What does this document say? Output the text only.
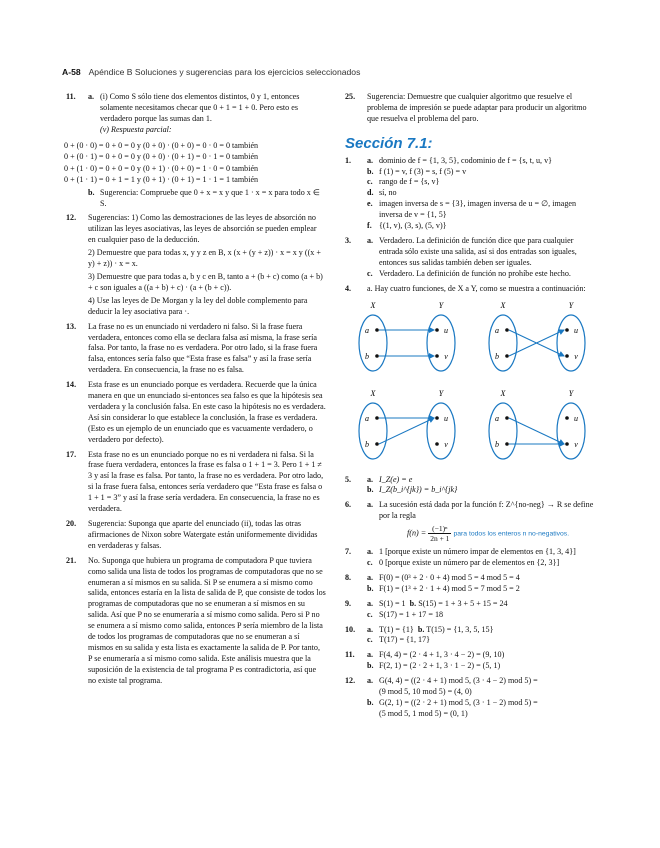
A-58 Apéndice B Soluciones y sugerencias para los ejercicios seleccionados
11. a. (i) Como S sólo tiene dos elementos distintos, 0 y 1, entonces solamente necesitamos checar que 0 + 1 = 1 + 0. Pero esto es verdadero porque las sumas dan 1.
(v) Respuesta parcial:
0 + (0 · 0) = 0 + 0 = 0 y (0 + 0) · (0 + 0) = 0 · 0 = 0 también
0 + (0 · 1) = 0 + 0 = 0 y (0 + 0) · (0 + 1) = 0 · 1 = 0 también
0 + (1 · 0) = 0 + 0 = 0 y (0 + 1) · (0 + 0) = 1 · 0 = 0 también
0 + (1 · 1) = 0 + 1 = 1 y (0 + 1) · (0 + 1) = 1 · 1 = 1 también
b. Sugerencia: Compruebe que 0 + x = x y que 1 · x = x para todo x ∈ S.
12. Sugerencias: 1) Como las demostraciones de las leyes de absorción no utilizan las leyes asociativas, las leyes de absorción se pueden emplear en cualquier paso de la deducción.

2) Demuestre que para todas x, y y z en B, x (x + (y + z)) · x = x y ((x + y) + z)) · x = x.

3) Demuestre que para todas a, b y c en B, tanto a + (b + c) como (a + b) + c son iguales a ((a + b) + c) · (a + (b + c)).

4) Use las leyes de De Morgan y la ley del doble complemento para deducir la ley asociativa para ·.

13. La frase no es un enunciado ni verdadero ni falso. Si la frase fuera verdadera, entonces como ella se declara falsa así misma, la frase sería falsa. Por tanto, la frase no es verdadera. Por otro lado, si la frase fuera falsa, entonces sería falso que “Esta frase es falsa” y así la frase sería verdadera. En consecuencia, la frase no es falsa.
14. Esta frase es un enunciado porque es verdadera. Recuerde que la única manera en que un enunciado si-entonces sea falso es que la hipótesis sea verdadera y la conclusión falsa. En este caso la hipótesis no es verdadera. Así sin considerar lo que establece la conclusión, la frase es verdadera. (Esto es un ejemplo de un enunciado que es vacuamente verdadero, o verdadero por defecto).
17. Esta frase no es un enunciado porque no es ni verdadera ni falsa. Si la frase fuera verdadera, entonces la frase es falsa o 1 + 1 = 3. Pero 1 + 1 ≠ 3 y así la frase es falsa. Por tanto, la frase no es verdadera. Por otro lado, si la frase fuera falsa, entonces sería verdadero que “Esta frase es falsa o 1 + 1 = 3” y así la frase sería verdadera. En consecuencia, la frase no es verdadera.
20. Sugerencia: Suponga que aparte del enunciado (ii), todas las otras afirmaciones de Nixon sobre Watergate están uniformemente divididas en verdaderas y falsas.
21. No. Suponga que hubiera un programa de computadora P que tuviera como salida una lista de todos los programas de computadoras que no se enumeran a sí mismos en su salida. Si P se enumera a sí mismo como salida, entonces estaría en la lista de salida de P, que consiste de todos los programas de computadoras que no se enumeran a sí mismos en su salida. Así que P no se enumeraría a sí mismo como salida. Pero si P no se enumera a sí mismo como salida, entonces P sería miembro de la lista de todos los programas de computadoras que no se enumeran a sí mismos en su salida y esta lista es exactamente la salida de P. Por tanto, P se enumeraría a sí mismo como salida. Este análisis muestra que la suposición de la existencia de tal programa P es contradictoria, así que no existe tal programa.
25. Sugerencia: Demuestre que cualquier algoritmo que resuelve el problema de impresión se puede adaptar para producir un algoritmo que resuelva el problema del paro.
Sección 7.1:
1. a. dominio de f = {1, 3, 5}, codominio de f = {s, t, u, v}
b. f (1) = v, f (3) = s, f (5) = v
c. rango de f = {s, v}
d. sí, no
e. imagen inversa de s = {3}, imagen inversa de u = ∅, imagen inversa de v = {1, 5}
f. {(1, v), (3, s), (5, v)}
3. a. Verdadero. La definición de función dice que para cualquier entrada sólo existe una salida, así si dos entradas son iguales, entonces sus salidas también deben ser iguales.
c. Verdadero. La definición de función no prohíbe este hecho.
4. a. Hay cuatro funciones, de X a Y, como se muestra a continuación:
X	Y
a
b
u
v
X	Y
a
b
u
v
X	Y
a
b
u
v
X	Y
a
b
u
v
5. a. I_Z(e) = e
b. I_Z(b_i^{jk}) = b_i^{jk}
6. a. La sucesión está dada por la función f: Z^{no-neg} → R se define por la regla
$f(n) = \frac{\text{(−1)ⁿ}}{2n + 1}$ para todos los enteros n no-negativos.
7. a. 1 [porque existe un número impar de elementos en {1, 3, 4}]
c. 0 [porque existe un número par de elementos en {2, 3}]
8. a. F(0) = (0³ + 2 · 0 + 4) mod 5 = 4 mod 5 = 4
b. F(1) = (1³ + 2 · 1 + 4) mod 5 = 7 mod 5 = 2
9. a. S(1) = 1 b. S(15) = 1 + 3 + 5 + 15 = 24
c. S(17) = 1 + 17 = 18
10. a. T(1) = {1} b. T(15) = {1, 3, 5, 15}
c. T(17) = {1, 17}
11. a. F(4, 4) = (2 · 4 + 1, 3 · 4 − 2) = (9, 10)
b. F(2, 1) = (2 · 2 + 1, 3 · 1 − 2) = (5, 1)
12. a. G(4, 4) = ((2 · 4 + 1) mod 5, (3 · 4 − 2) mod 5) =
(9 mod 5, 10 mod 5) = (4, 0)
b. G(2, 1) = ((2 · 2 + 1) mod 5, (3 · 1 − 2) mod 5) =
(5 mod 5, 1 mod 5) = (0, 1)
